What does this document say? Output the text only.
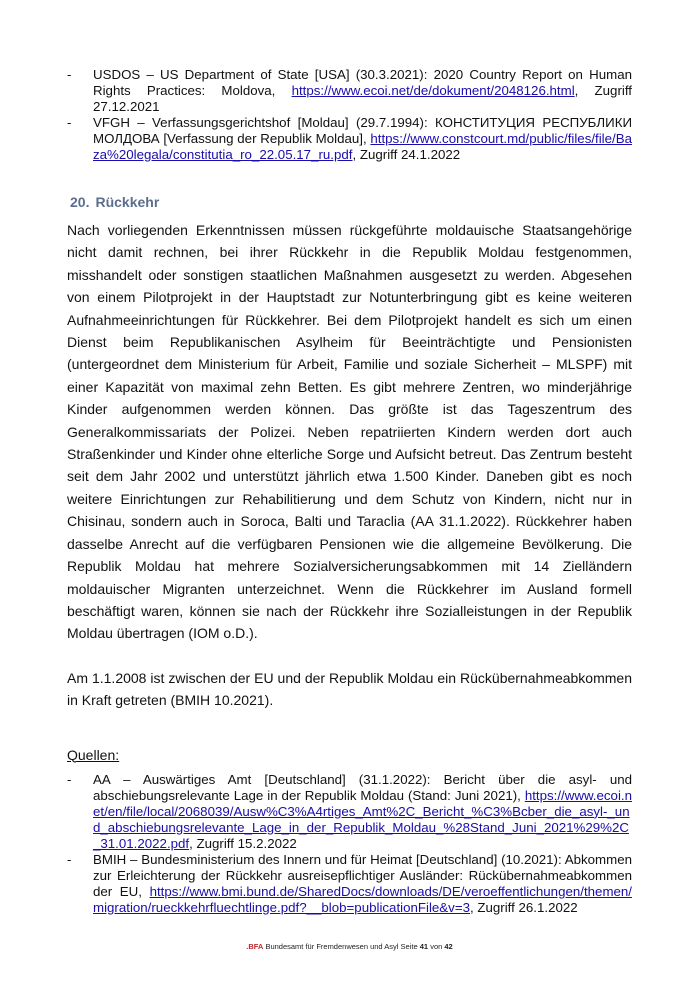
- USDOS – US Department of State [USA] (30.3.2021): 2020 Country Report on Human Rights Practices: Moldova, https://www.ecoi.net/de/dokument/2048126.html, Zugriff 27.12.2021
- VFGH – Verfassungsgerichtshof [Moldau] (29.7.1994): КОНСТИТУЦИЯ РЕСПУБЛИКИ МОЛДОВА [Verfassung der Republik Moldau], https://www.constcourt.md/public/files/file/Baza%20legala/constitutia_ro_22.05.17_ru.pdf, Zugriff 24.1.2022
20. Rückkehr

Nach vorliegenden Erkenntnissen müssen rückgeführte moldauische Staatsangehörige nicht damit rechnen, bei ihrer Rückkehr in die Republik Moldau festgenommen, misshandelt oder sonstigen staatlichen Maßnahmen ausgesetzt zu werden. Abgesehen von einem Pilotprojekt in der Hauptstadt zur Notunterbringung gibt es keine weiteren Aufnahmeeinrichtungen für Rückkehrer. Bei dem Pilotprojekt handelt es sich um einen Dienst beim Republikanischen Asylheim für Beeinträchtigte und Pensionisten (untergeordnet dem Ministerium für Arbeit, Familie und soziale Sicherheit – MLSPF) mit einer Kapazität von maximal zehn Betten. Es gibt mehrere Zentren, wo minderjährige Kinder aufgenommen werden können. Das größte ist das Tageszentrum des Generalkommissariats der Polizei. Neben repatriierten Kindern werden dort auch Straßenkinder und Kinder ohne elterliche Sorge und Aufsicht betreut. Das Zentrum besteht seit dem Jahr 2002 und unterstützt jährlich etwa 1.500 Kinder. Daneben gibt es noch weitere Einrichtungen zur Rehabilitierung und dem Schutz von Kindern, nicht nur in Chisinau, sondern auch in Soroca, Balti und Taraclia (AA 31.1.2022). Rückkehrer haben dasselbe Anrecht auf die verfügbaren Pensionen wie die allgemeine Bevölkerung. Die Republik Moldau hat mehrere Sozialversicherungsabkommen mit 14 Zielländern moldauischer Migranten unterzeichnet. Wenn die Rückkehrer im Ausland formell beschäftigt waren, können sie nach der Rückkehr ihre Sozialleistungen in der Republik Moldau übertragen (IOM o.D.).

Am 1.1.2008 ist zwischen der EU und der Republik Moldau ein Rückübernahmeabkommen in Kraft getreten (BMIH 10.2021).

Quellen:

- AA – Auswärtiges Amt [Deutschland] (31.1.2022): Bericht über die asyl- und abschiebungsrelevante Lage in der Republik Moldau (Stand: Juni 2021), https://www.ecoi.net/en/file/local/2068039/Ausw%C3%A4rtiges_Amt%2C_Bericht_%C3%Bcber_die_asyl-_und_abschiebungsrelevante_Lage_in_der_Republik_Moldau_%28Stand_Juni_2021%29%2C_31.01.2022.pdf, Zugriff 15.2.2022
- BMIH – Bundesministerium des Innern und für Heimat [Deutschland] (10.2021): Abkommen zur Erleichterung der Rückkehr ausreisepflichtiger Ausländer: Rückübernahmeabkommen der EU, https://www.bmi.bund.de/SharedDocs/downloads/DE/veroeffentlichungen/themen/migration/rueckkehrfluechtlinge.pdf?__blob=publicationFile&v=3, Zugriff 26.1.2022
.BFA Bundesamt für Fremdenwesen und Asyl Seite 41 von 42
